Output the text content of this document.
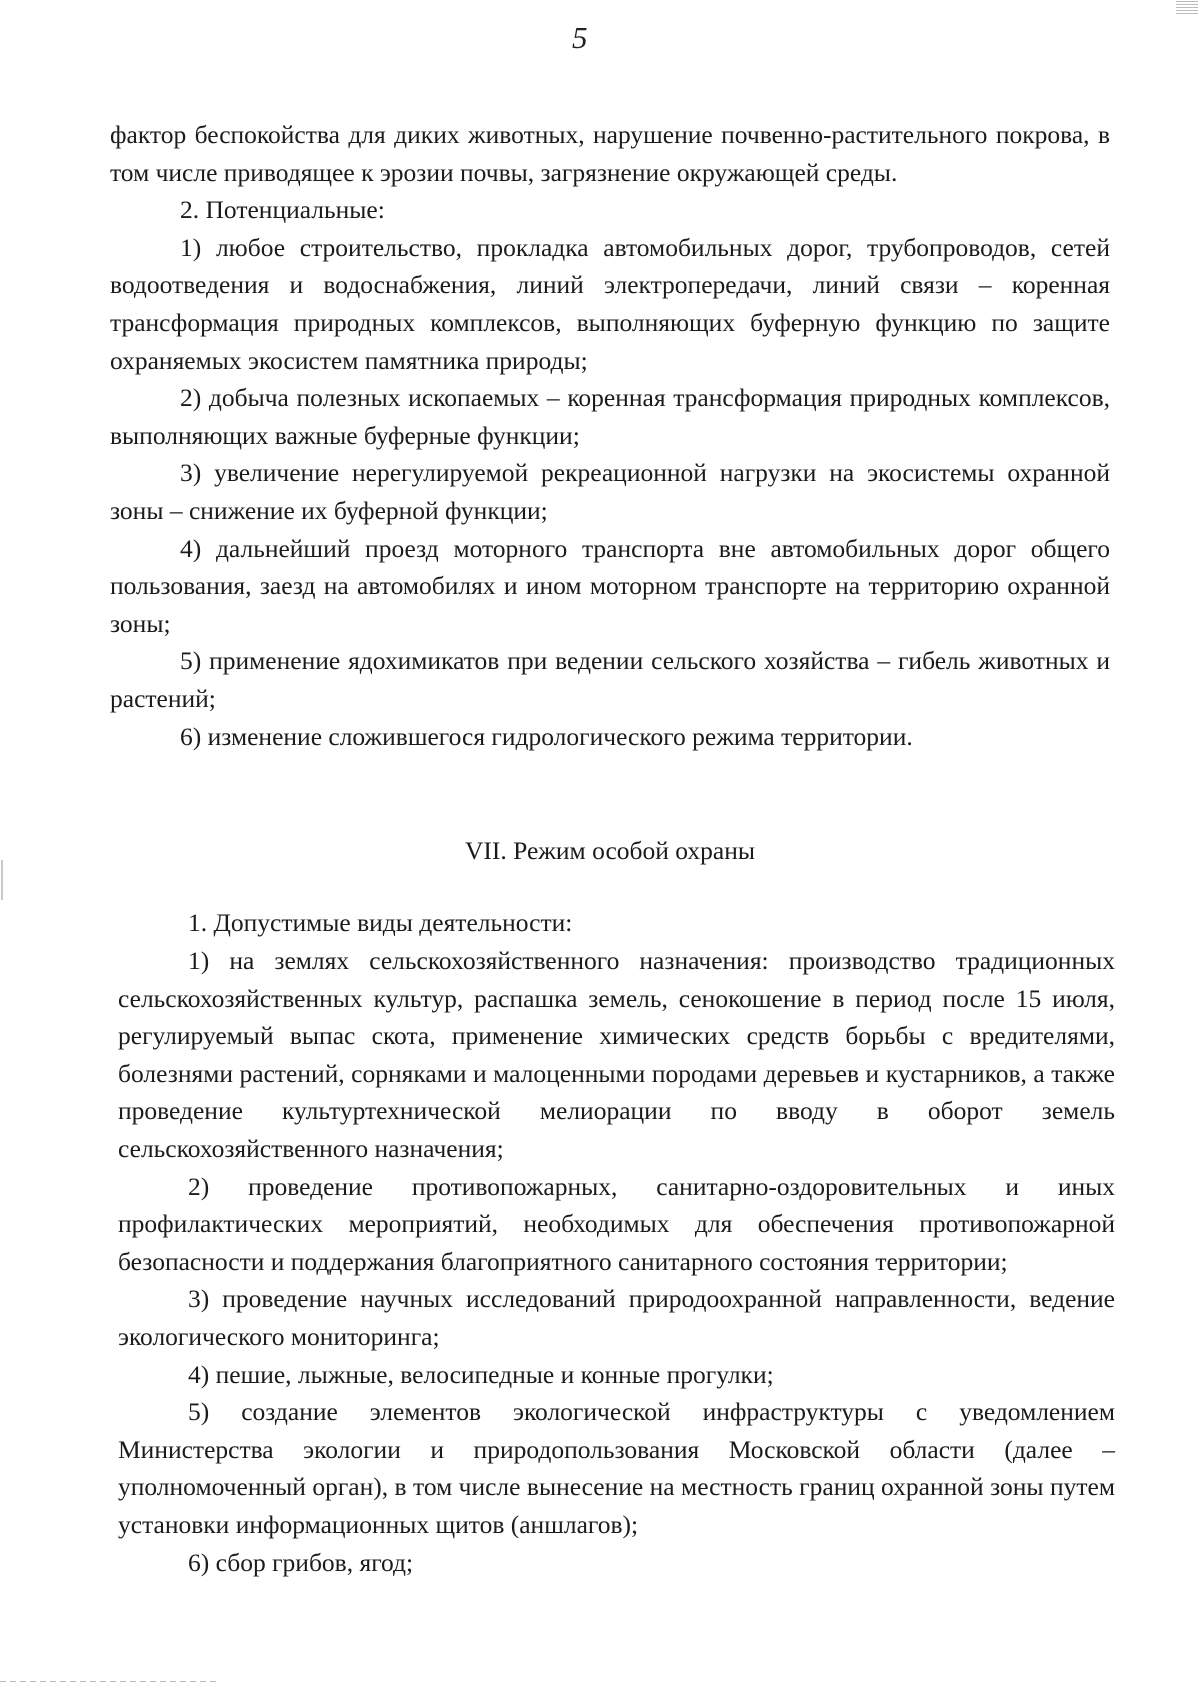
5

фактор беспокойства для диких животных, нарушение почвенно-растительного покрова, в том числе приводящее к эрозии почвы, загрязнение окружающей среды.

2. Потенциальные:

1) любое строительство, прокладка автомобильных дорог, трубопроводов, сетей водоотведения и водоснабжения, линий электропередачи, линий связи – коренная трансформация природных комплексов, выполняющих буферную функцию по защите охраняемых экосистем памятника природы;

2) добыча полезных ископаемых – коренная трансформация природных комплексов, выполняющих важные буферные функции;

3) увеличение нерегулируемой рекреационной нагрузки на экосистемы охранной зоны – снижение их буферной функции;

4) дальнейший проезд моторного транспорта вне автомобильных дорог общего пользования, заезд на автомобилях и ином моторном транспорте на территорию охранной зоны;

5) применение ядохимикатов при ведении сельского хозяйства – гибель животных и растений;

6) изменение сложившегося гидрологического режима территории.

VII. Режим особой охраны

1. Допустимые виды деятельности:

1) на землях сельскохозяйственного назначения: производство традиционных сельскохозяйственных культур, распашка земель, сенокошение в период после 15 июля, регулируемый выпас скота, применение химических средств борьбы с вредителями, болезнями растений, сорняками и малоценными породами деревьев и кустарников, а также проведение культуртехнической мелиорации по вводу в оборот земель сельскохозяйственного назначения;

2) проведение противопожарных, санитарно-оздоровительных и иных профилактических мероприятий, необходимых для обеспечения противопожарной безопасности и поддержания благоприятного санитарного состояния территории;

3) проведение научных исследований природоохранной направленности, ведение экологического мониторинга;

4) пешие, лыжные, велосипедные и конные прогулки;

5) создание элементов экологической инфраструктуры с уведомлением Министерства экологии и природопользования Московской области (далее – уполномоченный орган), в том числе вынесение на местность границ охранной зоны путем установки информационных щитов (аншлагов);

6) сбор грибов, ягод;
